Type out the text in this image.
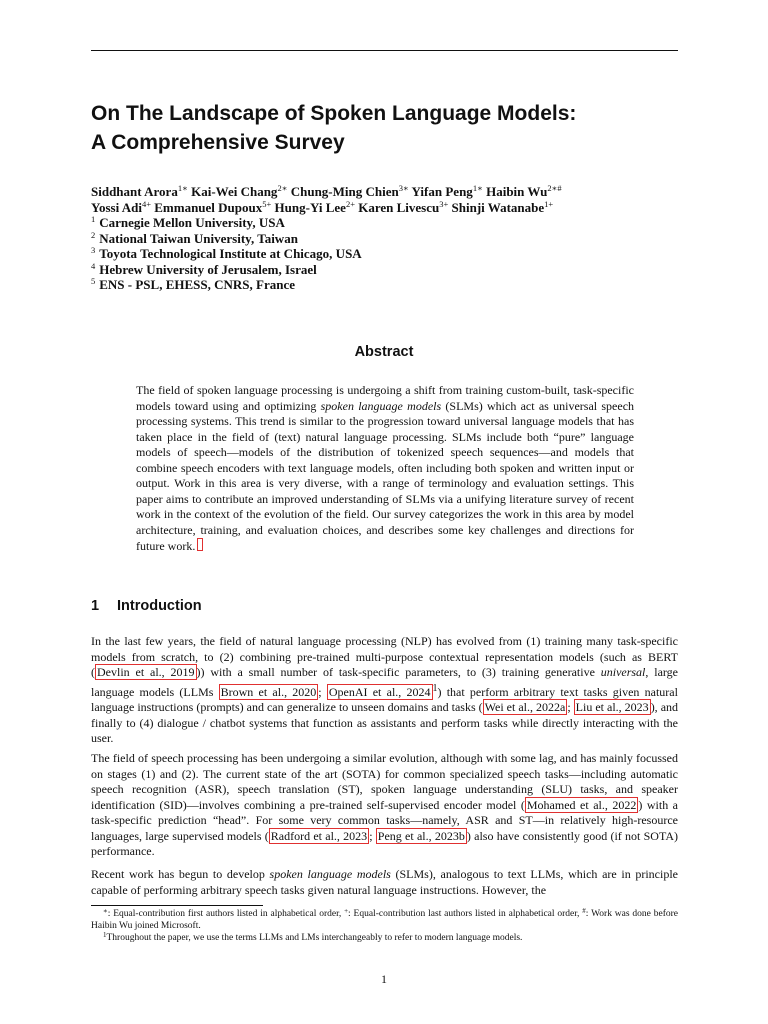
On The Landscape of Spoken Language Models:
A Comprehensive Survey
Siddhant Arora$^{1∗}$ Kai-Wei Chang$^{2∗}$ Chung-Ming Chien$^{3∗}$ Yifan Peng$^{1∗}$ Haibin $Wu^{2∗\#}$
Yossi Adi$^{4+}$ Emmanuel Dupoux$^{5+}$ Hung-Yi Lee$^{2+}$ Karen Livescu$^{3+}$ Shinji Watanabe$^{1+}$
$^1$ Carnegie Mellon University, USA
$^2$ National Taiwan University, Taiwan
$^3$ Toyota Technological Institute at Chicago, USA
$^4$ Hebrew University of Jerusalem, Israel
$^5$ ENS - PSL, EHESS, CNRS, France
Abstract

The field of spoken language processing is undergoing a shift from training custom-built, task-specific models toward using and optimizing spoken language models (SLMs) which act as universal speech processing systems. This trend is similar to the progression toward universal language models that has taken place in the field of (text) natural language processing. SLMs include both “pure” language models of speech—models of the distribution of tokenized speech sequences—and models that combine speech encoders with text language models, often including both spoken and written input or output. Work in this area is very diverse, with a range of terminology and evaluation settings. This paper aims to contribute an improved understanding of SLMs via a unifying literature survey of recent work in the context of the evolution of the field. Our survey categorizes the work in this area by model architecture, training, and evaluation choices, and describes some key challenges and directions for future work.

1 Introduction

In the last few years, the field of natural language processing (NLP) has evolved from (1) training many task-specific models from scratch, to (2) combining pre-trained multi-purpose contextual representation models (such as BERT ( Devlin et al., 2019 )) with a small number of task-specific parameters, to (3) training generative universal, large language models (LLMs Brown et al., 2020 ; OpenAI et al., 2024 $^1$) that perform arbitrary text tasks given natural language instructions (prompts) and can generalize to unseen domains and tasks ( Wei et al., 2022a ; Liu et al., 2023 ), and finally to (4) dialogue / chatbot systems that function as assistants and perform tasks while directly interacting with the user.

The field of speech processing has been undergoing a similar evolution, although with some lag, and has mainly focussed on stages (1) and (2). The current state of the art (SOTA) for common specialized speech tasks—including automatic speech recognition (ASR), speech translation (ST), spoken language understanding (SLU) tasks, and speaker identification (SID)—involves combining a pre-trained self-supervised encoder model ( Mohamed et al., 2022 ) with a task-specific prediction “head”. For some very common tasks—namely, ASR and ST—in relatively high-resource languages, large supervised models ( Radford et al., 2023 ; Peng et al., 2023b ) also have consistently good (if not SOTA) performance.

Recent work has begun to develop spoken language models (SLMs), analogous to text LLMs, which are in principle capable of performing arbitrary speech tasks given natural language instructions. However, the

∗: Equal-contribution first authors listed in alphabetical order, +: Equal-contribution last authors listed in alphabetical order, #: Work was done before Haibin Wu joined Microsoft.

$^1$Throughout the paper, we use the terms LLMs and LMs interchangeably to refer to modern language models.

1
